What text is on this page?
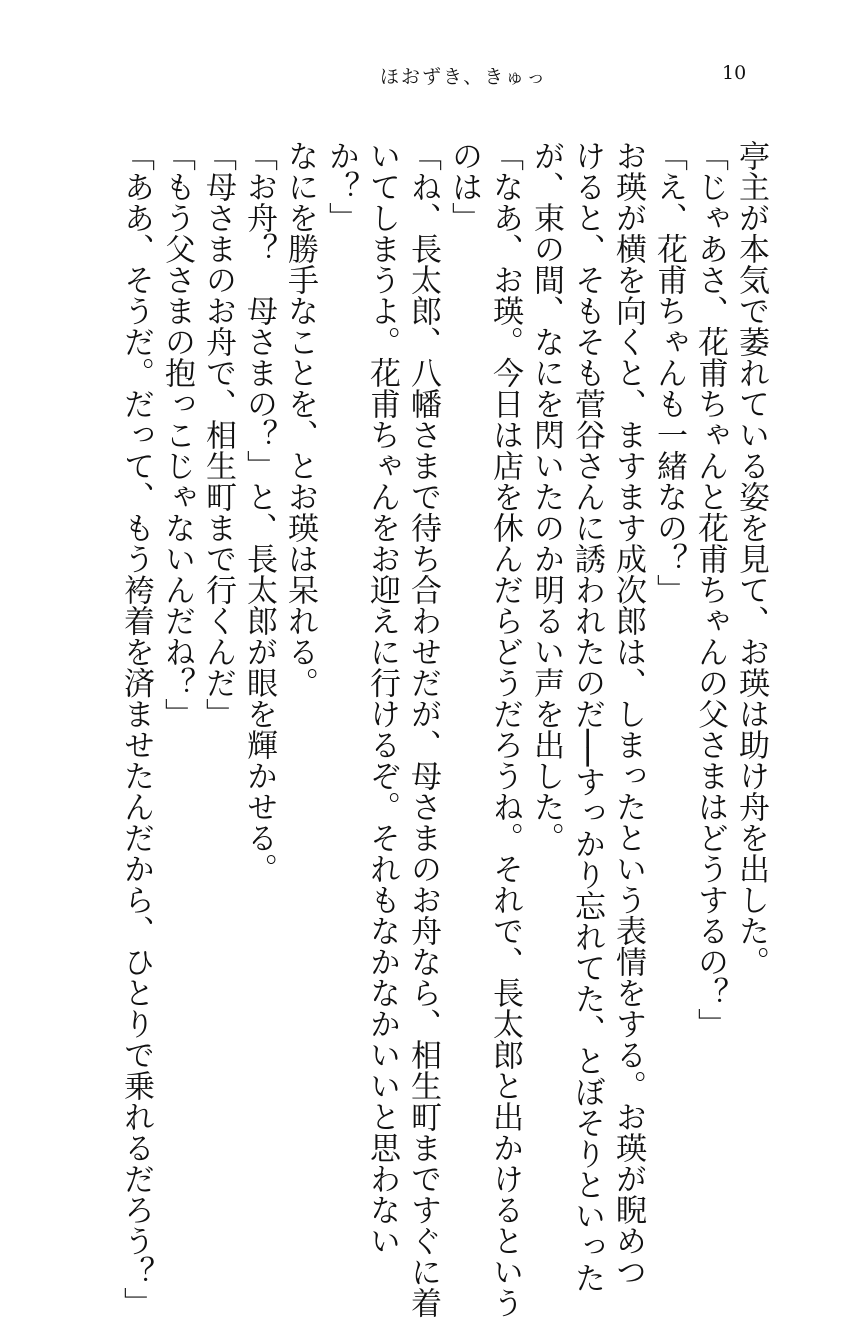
ほおずき、きゅっ	10

亭主が本気で萎れている姿を見て、お瑛は助け舟を出した。

「じゃあさ、花甫ちゃんと花甫ちゃんの父さまはどうするの？」

「え、花甫ちゃんも一緒なの？」

お瑛が横を向くと、ますます成次郎は、しまったという表情をする。お瑛が睨めつ

けると、そもそも菅谷さんに誘われたのだ──すっかり忘れてた、とぼそりといった

が、束の間、なにを閃いたのか明るい声を出した。

「なあ、お瑛。今日は店を休んだらどうだろうね。それで、長太郎と出かけるという

のは」

「ね、長太郎、八幡さまで待ち合わせだが、母さまのお舟なら、相生町まですぐに着

いてしまうよ。花甫ちゃんをお迎えに行けるぞ。それもなかなかいいと思わない

か？」

なにを勝手なことを、とお瑛は呆れる。

「お舟？　母さまの？」と、長太郎が眼を輝かせる。

「母さまのお舟で、相生町まで行くんだ」

「もう父さまの抱っこじゃないんだね？」

「ああ、そうだ。だって、もう袴着を済ませたんだから、ひとりで乗れるだろう？」
